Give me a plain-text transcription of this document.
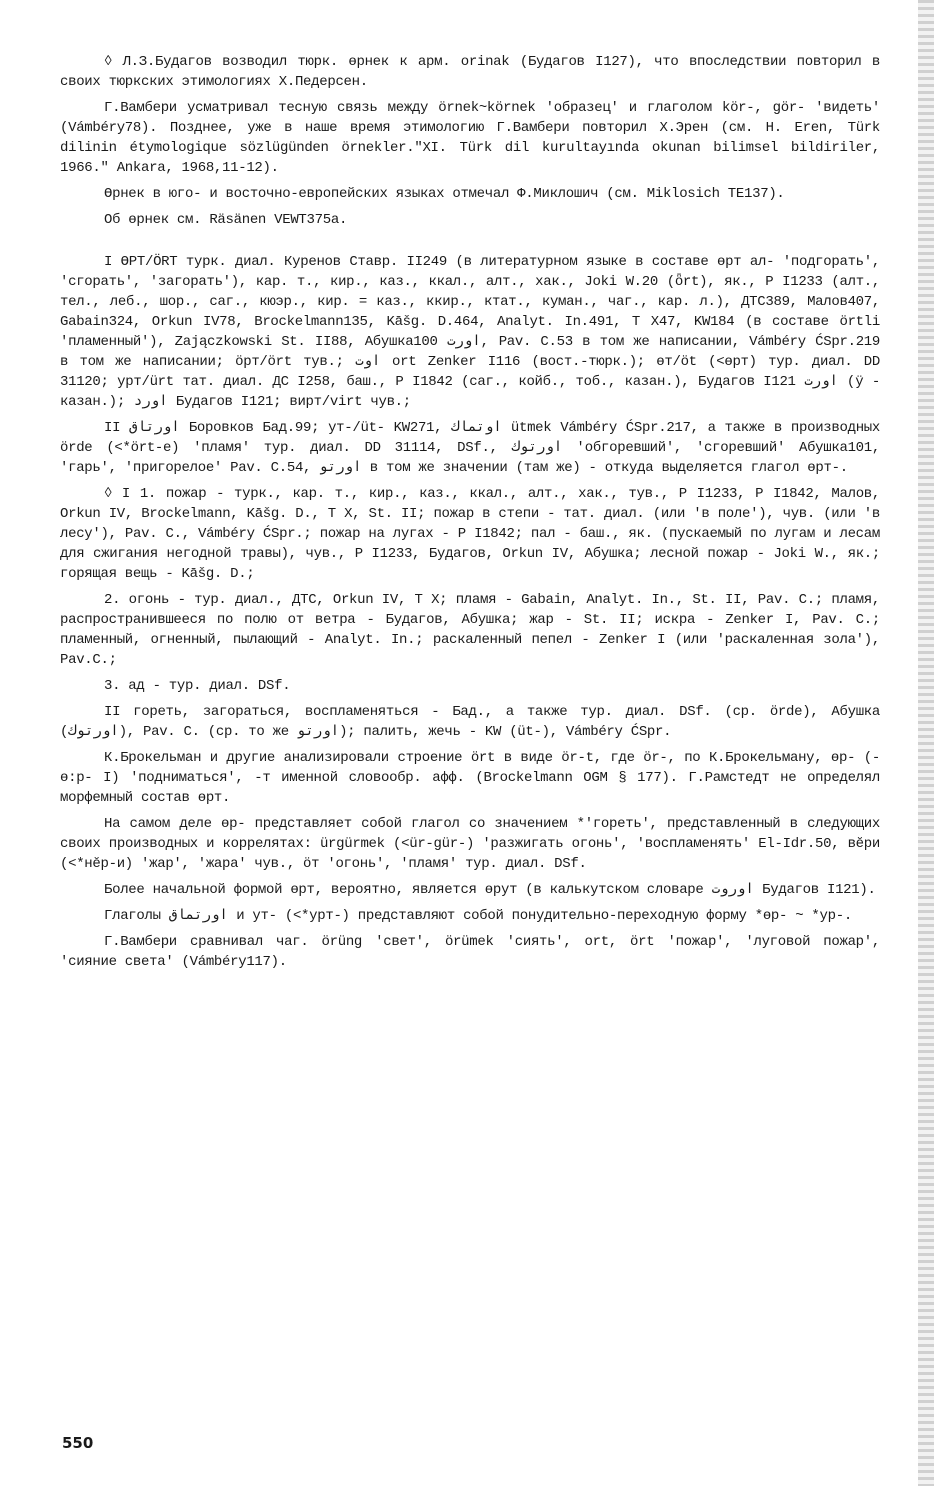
◊ Л.З.Будагов возводил тюрк. ɵрнек к арм. orinak (Будагов I127), что впоследствии повторил в своих тюркских этимологиях Х.Педерсен.

Г.Вамбери усматривал тесную связь между örnek~körnek 'образец' и глаголом kör-, gör- 'видеть' (Vámbéry78). Позднее, уже в наше время этимологию Г.Вамбери повторил Х.Эрен (см. H. Eren, Türk dilinin étymologique sözlügünden örnekler."XI. Türk dil kurultayında okunan bilimsel bildiriler, 1966." Ankara, 1968,11-12).

Ɵрнек в юго- и восточно-европейских языках отмечал Ф.Миклошич (см. Miklosich TE137).

Об ɵрнек см. Räsänen VEWT375a.

I ƟРТ/ÖRT турк. диал. Куренов Ставр. II249 (в литературном языке в составе ɵрт ал- 'подгорать', 'сгорать', 'загорать'), кар. т., кир., каз., ккал., алт., хак., Joki W.20 (ȫrt), як., Р I1233 (алт., тел., леб., шор., саг., кюэр., кир. = каз., ккир., ктат., куман., чаг., кар. л.), ДТС389, Малов407, Gabain324, Orkun IV78, Brockelmann135, Kāšg. D.464, Analyt. In.491, Т X47, KW184 (в составе örtli 'пламенный'), Zajączkowski St. II88, Абушка100 اورت, Pav. C.53 в том же написании, Vámbéry ĆSpr.219 в том же написании; ӧрт/ӧrt тув.; اوت ort Zenker I116 (вост.-тюрк.); ɵт/ӧt (<ɵрт) тур. диал. DD 31120; урт/ürt тат. диал. ДС I258, баш., Р I1842 (саг., койб., тоб., казан.), Будагов I121 اورت (ӱ - казан.); اورد Будагов I121; вирт/virt чув.;

II اورتاق Боровков Бад.99; ут-/üt- KW271, اوتماك ütmek Vámbéry ĆSpr.217, а также в производных örde (<*ört-e) 'пламя' тур. диал. DD 31114, DSf., اورتوك 'обгоревший', 'сгоревший' Абушка101, 'гарь', 'пригорелое' Pav. C.54, اورتو в том же значении (там же) - откуда выделяется глагол ɵрт-.

◊ I 1. пожар - турк., кар. т., кир., каз., ккал., алт., хак., тув., Р I1233, Р I1842, Малов, Orkun IV, Brockelmann, Kāšg. D., Т X, St. II; пожар в степи - тат. диал. (или 'в поле'), чув. (или 'в лесу'), Pav. C., Vámbéry ĆSpr.; пожар на лугах - Р I1842; пал - баш., як. (пускаемый по лугам и лесам для сжигания негодной травы), чув., Р I1233, Будагов, Orkun IV, Абушка; лесной пожар - Joki W., як.; горящая вещь - Kāšg. D.;

2. огонь - тур. диал., ДТС, Orkun IV, Т X; пламя - Gabain, Analyt. In., St. II, Pav. C.; пламя, распространившееся по полю от ветра - Будагов, Абушка; жар - St. II; искра - Zenker I, Pav. C.; пламенный, огненный, пылающий - Analyt. In.; раскаленный пепел - Zenker I (или 'раскаленная зола'), Pav.C.;

3. ад - тур. диал. DSf.

II гореть, загораться, воспламеняться - Бад., а также тур. диал. DSf. (ср. örde), Абушка (اورتوك), Pav. C. (ср. то же اورتو); палить, жечь - KW (üt-), Vámbéry ĆSpr.

К.Брокельман и другие анализировали строение ört в виде ör-t, где ör-, по К.Брокельману, ɵр- (- ɵ:р- I) 'подниматься', -т именной словообр. афф. (Brockelmann OGM § 177). Г.Рамстедт не определял морфемный состав ɵрт.

На самом деле ɵр- представляет собой глагол со значением *'гореть', представленный в следующих своих производных и коррелятах: ürgürmek (<ür-gür-) 'разжигать огонь', 'воспламенять' El-Idr.50, вӗри (<*нӗр-и) 'жар', 'жара' чув., öт 'огонь', 'пламя' тур. диал. DSf.

Более начальной формой ɵрт, вероятно, является ɵрут (в калькутском словаре اوروت Будагов I121).

Глаголы اورتماق и ут- (<*урт-) представляют собой понудительно-переходную форму *ɵр- ~ *ур-.

Г.Вамбери сравнивал чаг. örüng 'свет', örümek 'сиять', ort, ört 'пожар', 'луговой пожар', 'сияние света' (Vámbéry117).

550
